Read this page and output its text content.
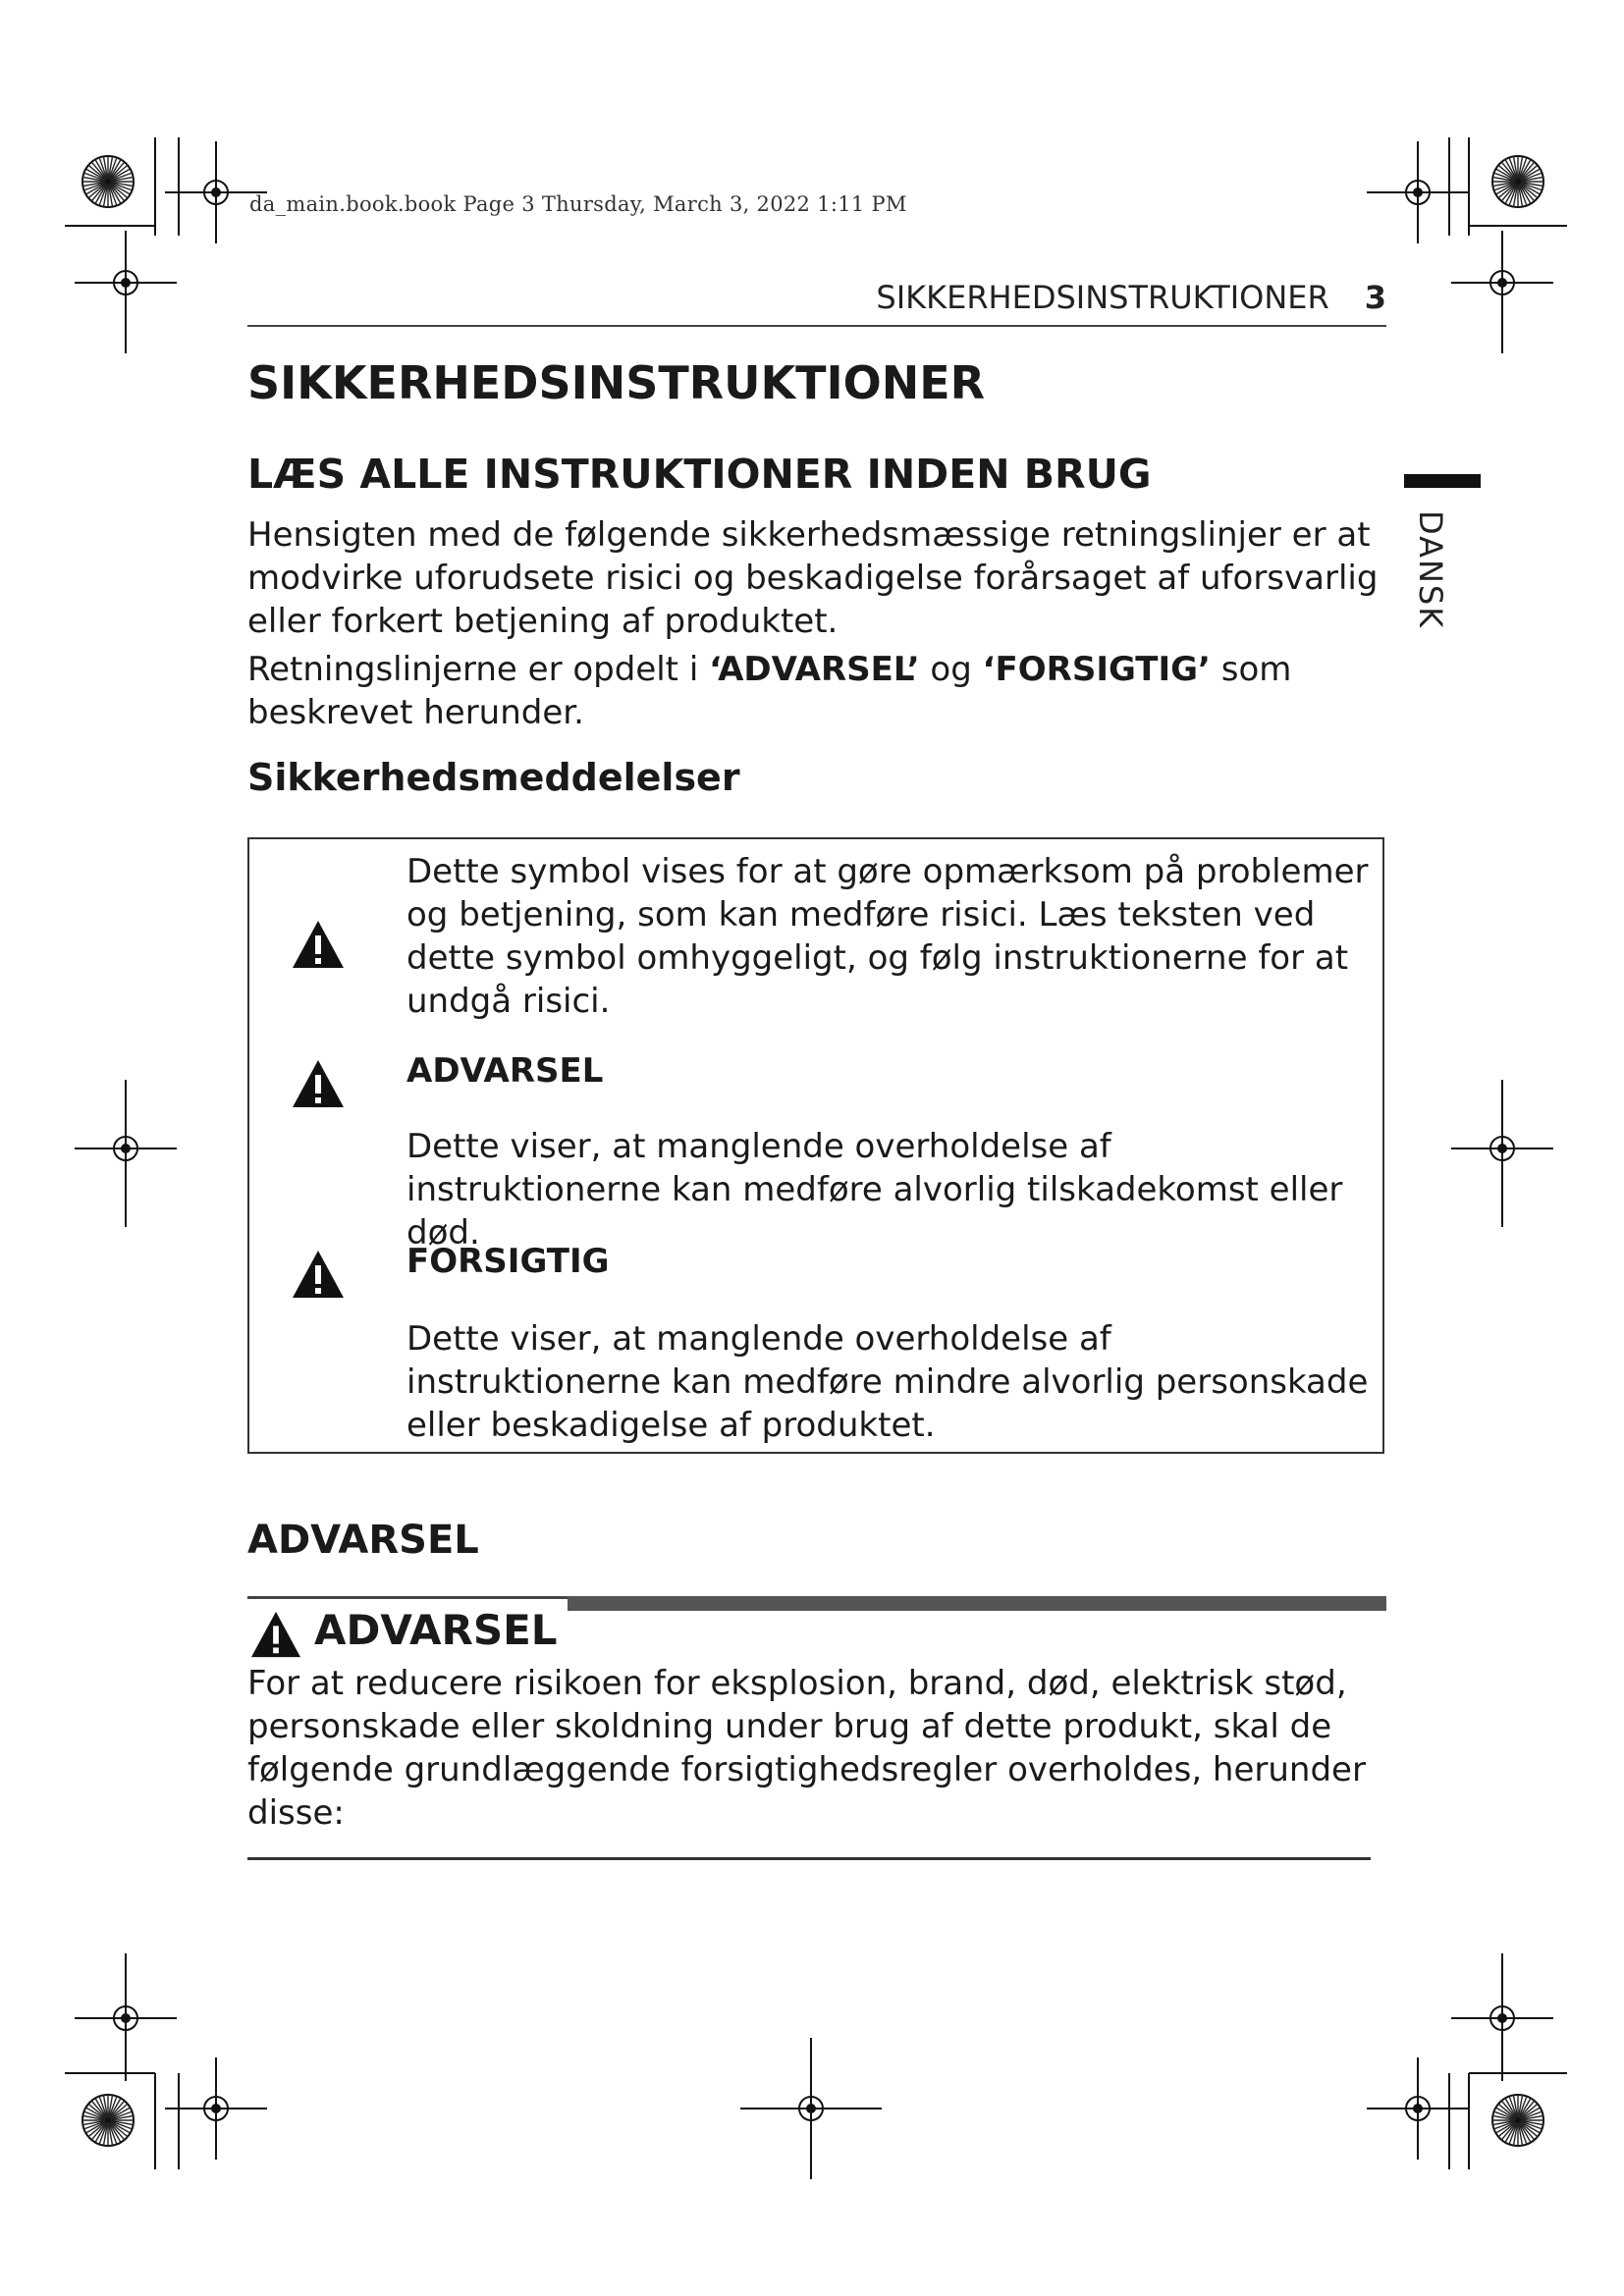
da_main.book.book Page 3 Thursday, March 3, 2022 1:11 PM
SIKKERHEDSINSTRUKTIONER 3
DANSK
SIKKERHEDSINSTRUKTIONER
LÆS ALLE INSTRUKTIONER INDEN BRUG
Hensigten med de følgende sikkerhedsmæssige retningslinjer er at modvirke uforudsete risici og beskadigelse forårsaget af uforsvarlig eller forkert betjening af produktet.
Retningslinjerne er opdelt i ‘ADVARSEL’ og ‘FORSIGTIG’ som beskrevet herunder.
Sikkerhedsmeddelelser
Dette symbol vises for at gøre opmærksom på problemer og betjening, som kan medføre risici. Læs teksten ved dette symbol omhyggeligt, og følg instruktionerne for at undgå risici.
ADVARSEL
Dette viser, at manglende overholdelse af instruktionerne kan medføre alvorlig tilskadekomst eller død.
FORSIGTIG
Dette viser, at manglende overholdelse af instruktionerne kan medføre mindre alvorlig personskade eller beskadigelse af produktet.
ADVARSEL
ADVARSEL
For at reducere risikoen for eksplosion, brand, død, elektrisk stød, personskade eller skoldning under brug af dette produkt, skal de følgende grundlæggende forsigtighedsregler overholdes, herunder disse:
